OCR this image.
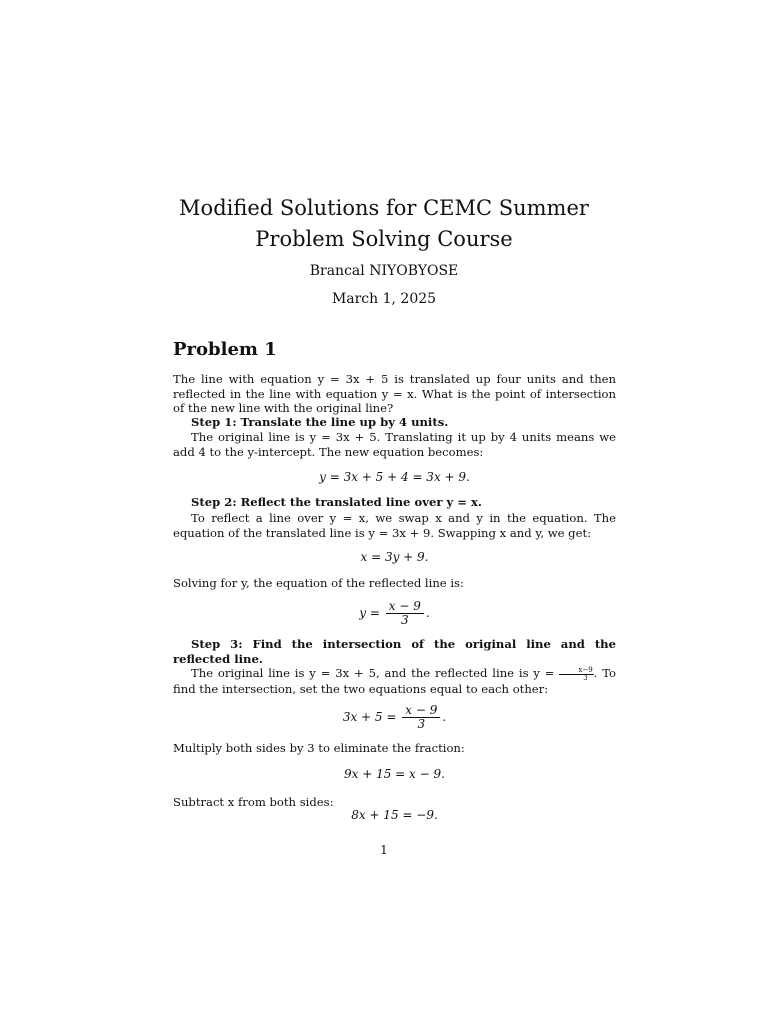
Modified Solutions for CEMC Summer Problem Solving Course
Brancal NIYOBYOSE
March 1, 2025
Problem 1
The line with equation y = 3x + 5 is translated up four units and then reflected in the line with equation y = x. What is the point of intersection of the new line with the original line?
Step 1: Translate the line up by 4 units.
The original line is y = 3x + 5. Translating it up by 4 units means we add 4 to the y-intercept. The new equation becomes:
y = 3x + 5 + 4 = 3x + 9.
Step 2: Reflect the translated line over y = x.
To reflect a line over y = x, we swap x and y in the equation. The equation of the translated line is y = 3x + 9. Swapping x and y, we get:
x = 3y + 9.
Solving for y, the equation of the reflected line is:
$y = \frac{x - 9}{3}$ .
Step 3: Find the intersection of the original line and the reflected line.
The original line is y = 3x + 5, and the reflected line is $y = \frac{x-9}{3}$ . To find the intersection, set the two equations equal to each other:
$3x + 5 = \frac{x - 9}{3}$ .
Multiply both sides by 3 to eliminate the fraction:
9x + 15 = x − 9.
Subtract x from both sides:
8x + 15 = −9.
1
